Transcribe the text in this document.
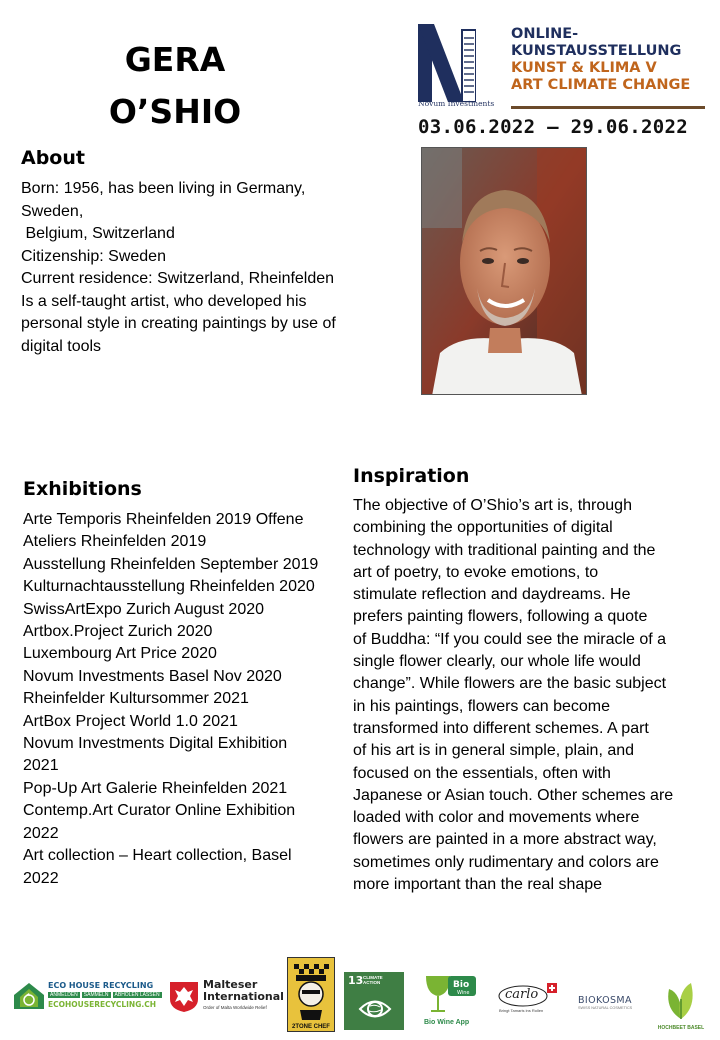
GERA
O’SHIO
ONLINE-
KUNSTAUSSTELLUNG
KUNST & KLIMA V
ART CLIMATE CHANGE
Novum Investments
03.06.2022 – 29.06.2022
About
Born: 1956, has been living in Germany,
Sweden,
Belgium, Switzerland
Citizenship: Sweden
Current residence: Switzerland, Rheinfelden
Is a self-taught artist, who developed his
personal style in creating paintings by use of
digital tools
Exhibitions
Arte Temporis Rheinfelden 2019 Offene
Ateliers Rheinfelden 2019
Ausstellung Rheinfelden September 2019
Kulturnachtausstellung Rheinfelden 2020
SwissArtExpo Zurich August 2020
Artbox.Project Zurich 2020
Luxembourg Art Price 2020
Novum Investments Basel Nov 2020
Rheinfelder Kultursommer 2021
ArtBox Project World 1.0 2021
Novum Investments Digital Exhibition
2021
Pop-Up Art Galerie Rheinfelden 2021
Contemp.Art Curator Online Exhibition
2022
Art collection – Heart collection, Basel
2022
Inspiration
The objective of O’Shio’s art is, through
combining the opportunities of digital
technology with traditional painting and the
art of poetry, to evoke emotions, to
stimulate reflection and daydreams. He
prefers painting flowers, following a quote
of Buddha: “If you could see the miracle of a
single flower clearly, our whole life would
change”. While flowers are the basic subject
in his paintings, flowers can become
transformed into different schemes. A part
of his art is in general simple, plain, and
focused on the essentials, often with
Japanese or Asian touch. Other schemes are
loaded with color and movements where
flowers are painted in a more abstract way,
sometimes only rudimentary and colors are
more important than the real shape
ECO HOUSE RECYCLING
ANMELDEN	SAMMELN	ABHOLEN LASSEN
ECOHOUSERECYCLING.CH
Malteser
International
Order of Malta Worldwide Relief
2TONE CHEF
13 CLIMATE
ACTION	Bio
Wine
Bio Wine App
carlo
Bringt Tamaris ins Rollen
BIOKOSMA
SWISS NATURAL COSMETICS
HOCHBEET BASEL
